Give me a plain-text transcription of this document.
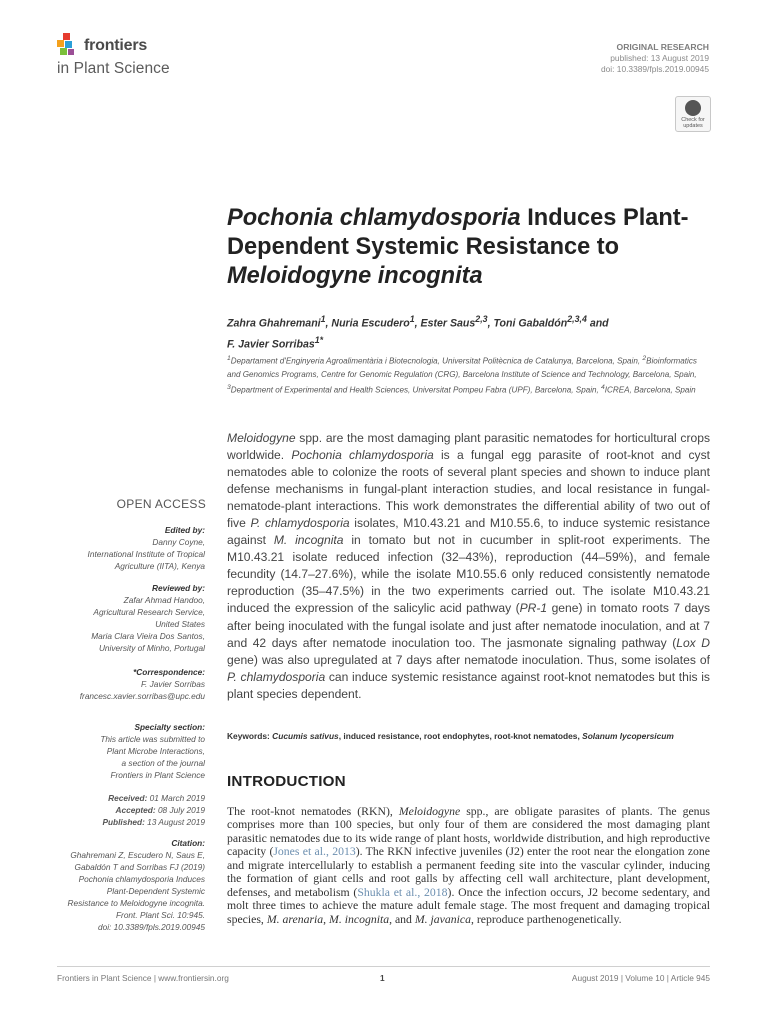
frontiers
in Plant Science
ORIGINAL RESEARCH
published: 13 August 2019
doi: 10.3389/fpls.2019.00945
Check for
updates
Pochonia chlamydosporia Induces Plant-Dependent Systemic Resistance to Meloidogyne incognita
Zahra Ghahremani$^1$, Nuria Escudero$^1$, Ester Saus$^{2,3}$, Toni Gabaldón$^{2,3,4}$ and
F. Javier Sorribas$^{1*}$
$^1$Departament d'Enginyeria Agroalimentària i Biotecnologia, Universitat Politècnica de Catalunya, Barcelona, Spain, $^2$Bioinformatics and Genomics Programs, Centre for Genomic Regulation (CRG), Barcelona Institute of Science and Technology, Barcelona, Spain, $^3$Department of Experimental and Health Sciences, Universitat Pompeu Fabra (UPF), Barcelona, Spain, $^4$ICREA, Barcelona, Spain
Meloidogyne spp. are the most damaging plant parasitic nematodes for horticultural crops worldwide. Pochonia chlamydosporia is a fungal egg parasite of root-knot and cyst nematodes able to colonize the roots of several plant species and shown to induce plant defense mechanisms in fungal-plant interaction studies, and local resistance in fungal-nematode-plant interactions. This work demonstrates the differential ability of two out of five P. chlamydosporia isolates, M10.43.21 and M10.55.6, to induce systemic resistance against M. incognita in tomato but not in cucumber in split-root experiments. The M10.43.21 isolate reduced infection (32–43%), reproduction (44–59%), and female fecundity (14.7–27.6%), while the isolate M10.55.6 only reduced consistently nematode reproduction (35–47.5%) in the two experiments carried out. The isolate M10.43.21 induced the expression of the salicylic acid pathway (PR-1 gene) in tomato roots 7 days after being inoculated with the fungal isolate and just after nematode inoculation, and at 7 and 42 days after nematode inoculation too. The jasmonate signaling pathway (Lox D gene) was also upregulated at 7 days after nematode inoculation. Thus, some isolates of P. chlamydosporia can induce systemic resistance against root-knot nematodes but this is plant species dependent.
Keywords: Cucumis sativus, induced resistance, root endophytes, root-knot nematodes, Solanum lycopersicum
OPEN ACCESS
Edited by:
Danny Coyne,
International Institute of Tropical
Agriculture (IITA), Kenya
Reviewed by:
Zafar Ahmad Handoo,
Agricultural Research Service,
United States
Maria Clara Vieira Dos Santos,
University of Minho, Portugal
*Correspondence:
F. Javier Sorribas
francesc.xavier.sorribas@upc.edu
Specialty section:
This article was submitted to
Plant Microbe Interactions,
a section of the journal
Frontiers in Plant Science
Received: 01 March 2019
Accepted: 08 July 2019
Published: 13 August 2019
Citation:
Ghahremani Z, Escudero N, Saus E,
Gabaldón T and Sorribas FJ (2019)
Pochonia chlamydosporia Induces
Plant-Dependent Systemic
Resistance to Meloidogyne incognita.
Front. Plant Sci. 10:945.
doi: 10.3389/fpls.2019.00945
INTRODUCTION
The root-knot nematodes (RKN), Meloidogyne spp., are obligate parasites of plants. The genus comprises more than 100 species, but only four of them are considered the most damaging plant parasitic nematodes due to its wide range of plant hosts, worldwide distribution, and high reproductive capacity (Jones et al., 2013). The RKN infective juveniles (J2) enter the root near the elongation zone and migrate intercellularly to establish a permanent feeding site into the vascular cylinder, inducing the formation of giant cells and root galls by affecting cell wall architecture, plant development, defenses, and metabolism (Shukla et al., 2018). Once the infection occurs, J2 become sedentary, and molt three times to achieve the mature adult female stage. The most frequent and damaging tropical species, M. arenaria, M. incognita, and M. javanica, reproduce parthenogenetically.
Frontiers in Plant Science | www.frontiersin.org	1	August 2019 | Volume 10 | Article 945
